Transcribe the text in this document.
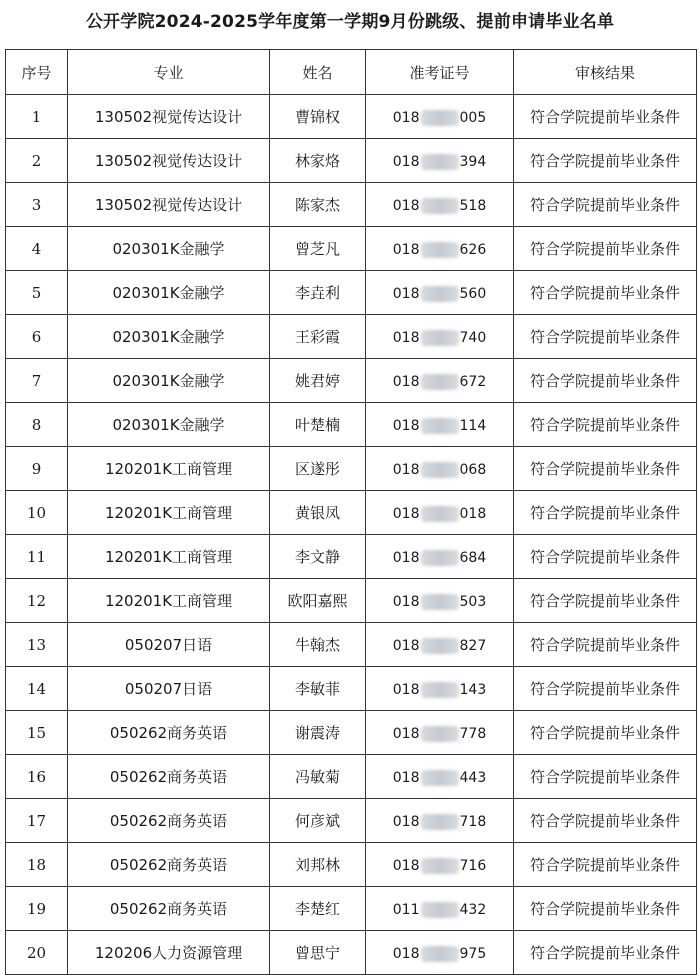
公开学院2024-2025学年度第一学期9月份跳级、提前申请毕业名单
序号	专业	姓名	准考证号	审核结果
1	130502视觉传达设计	曹锦权	018 005	符合学院提前毕业条件
2	130502视觉传达设计	林家烙	018 394	符合学院提前毕业条件
3	130502视觉传达设计	陈家杰	018 518	符合学院提前毕业条件
4	020301K金融学	曾芝凡	018 626	符合学院提前毕业条件
5	020301K金融学	李垚利	018 560	符合学院提前毕业条件
6	020301K金融学	王彩霞	018 740	符合学院提前毕业条件
7	020301K金融学	姚君婷	018 672	符合学院提前毕业条件
8	020301K金融学	叶楚楠	018 114	符合学院提前毕业条件
9	120201K工商管理	区遂彤	018 068	符合学院提前毕业条件
10	120201K工商管理	黄银凤	018 018	符合学院提前毕业条件
11	120201K工商管理	李文静	018 684	符合学院提前毕业条件
12	120201K工商管理	欧阳嘉熙	018 503	符合学院提前毕业条件
13	050207日语	牛翰杰	018 827	符合学院提前毕业条件
14	050207日语	李敏菲	018 143	符合学院提前毕业条件
15	050262商务英语	谢震涛	018 778	符合学院提前毕业条件
16	050262商务英语	冯敏菊	018 443	符合学院提前毕业条件
17	050262商务英语	何彦斌	018 718	符合学院提前毕业条件
18	050262商务英语	刘邦林	018 716	符合学院提前毕业条件
19	050262商务英语	李楚红	011 432	符合学院提前毕业条件
20	120206人力资源管理	曾思宁	018 975	符合学院提前毕业条件
